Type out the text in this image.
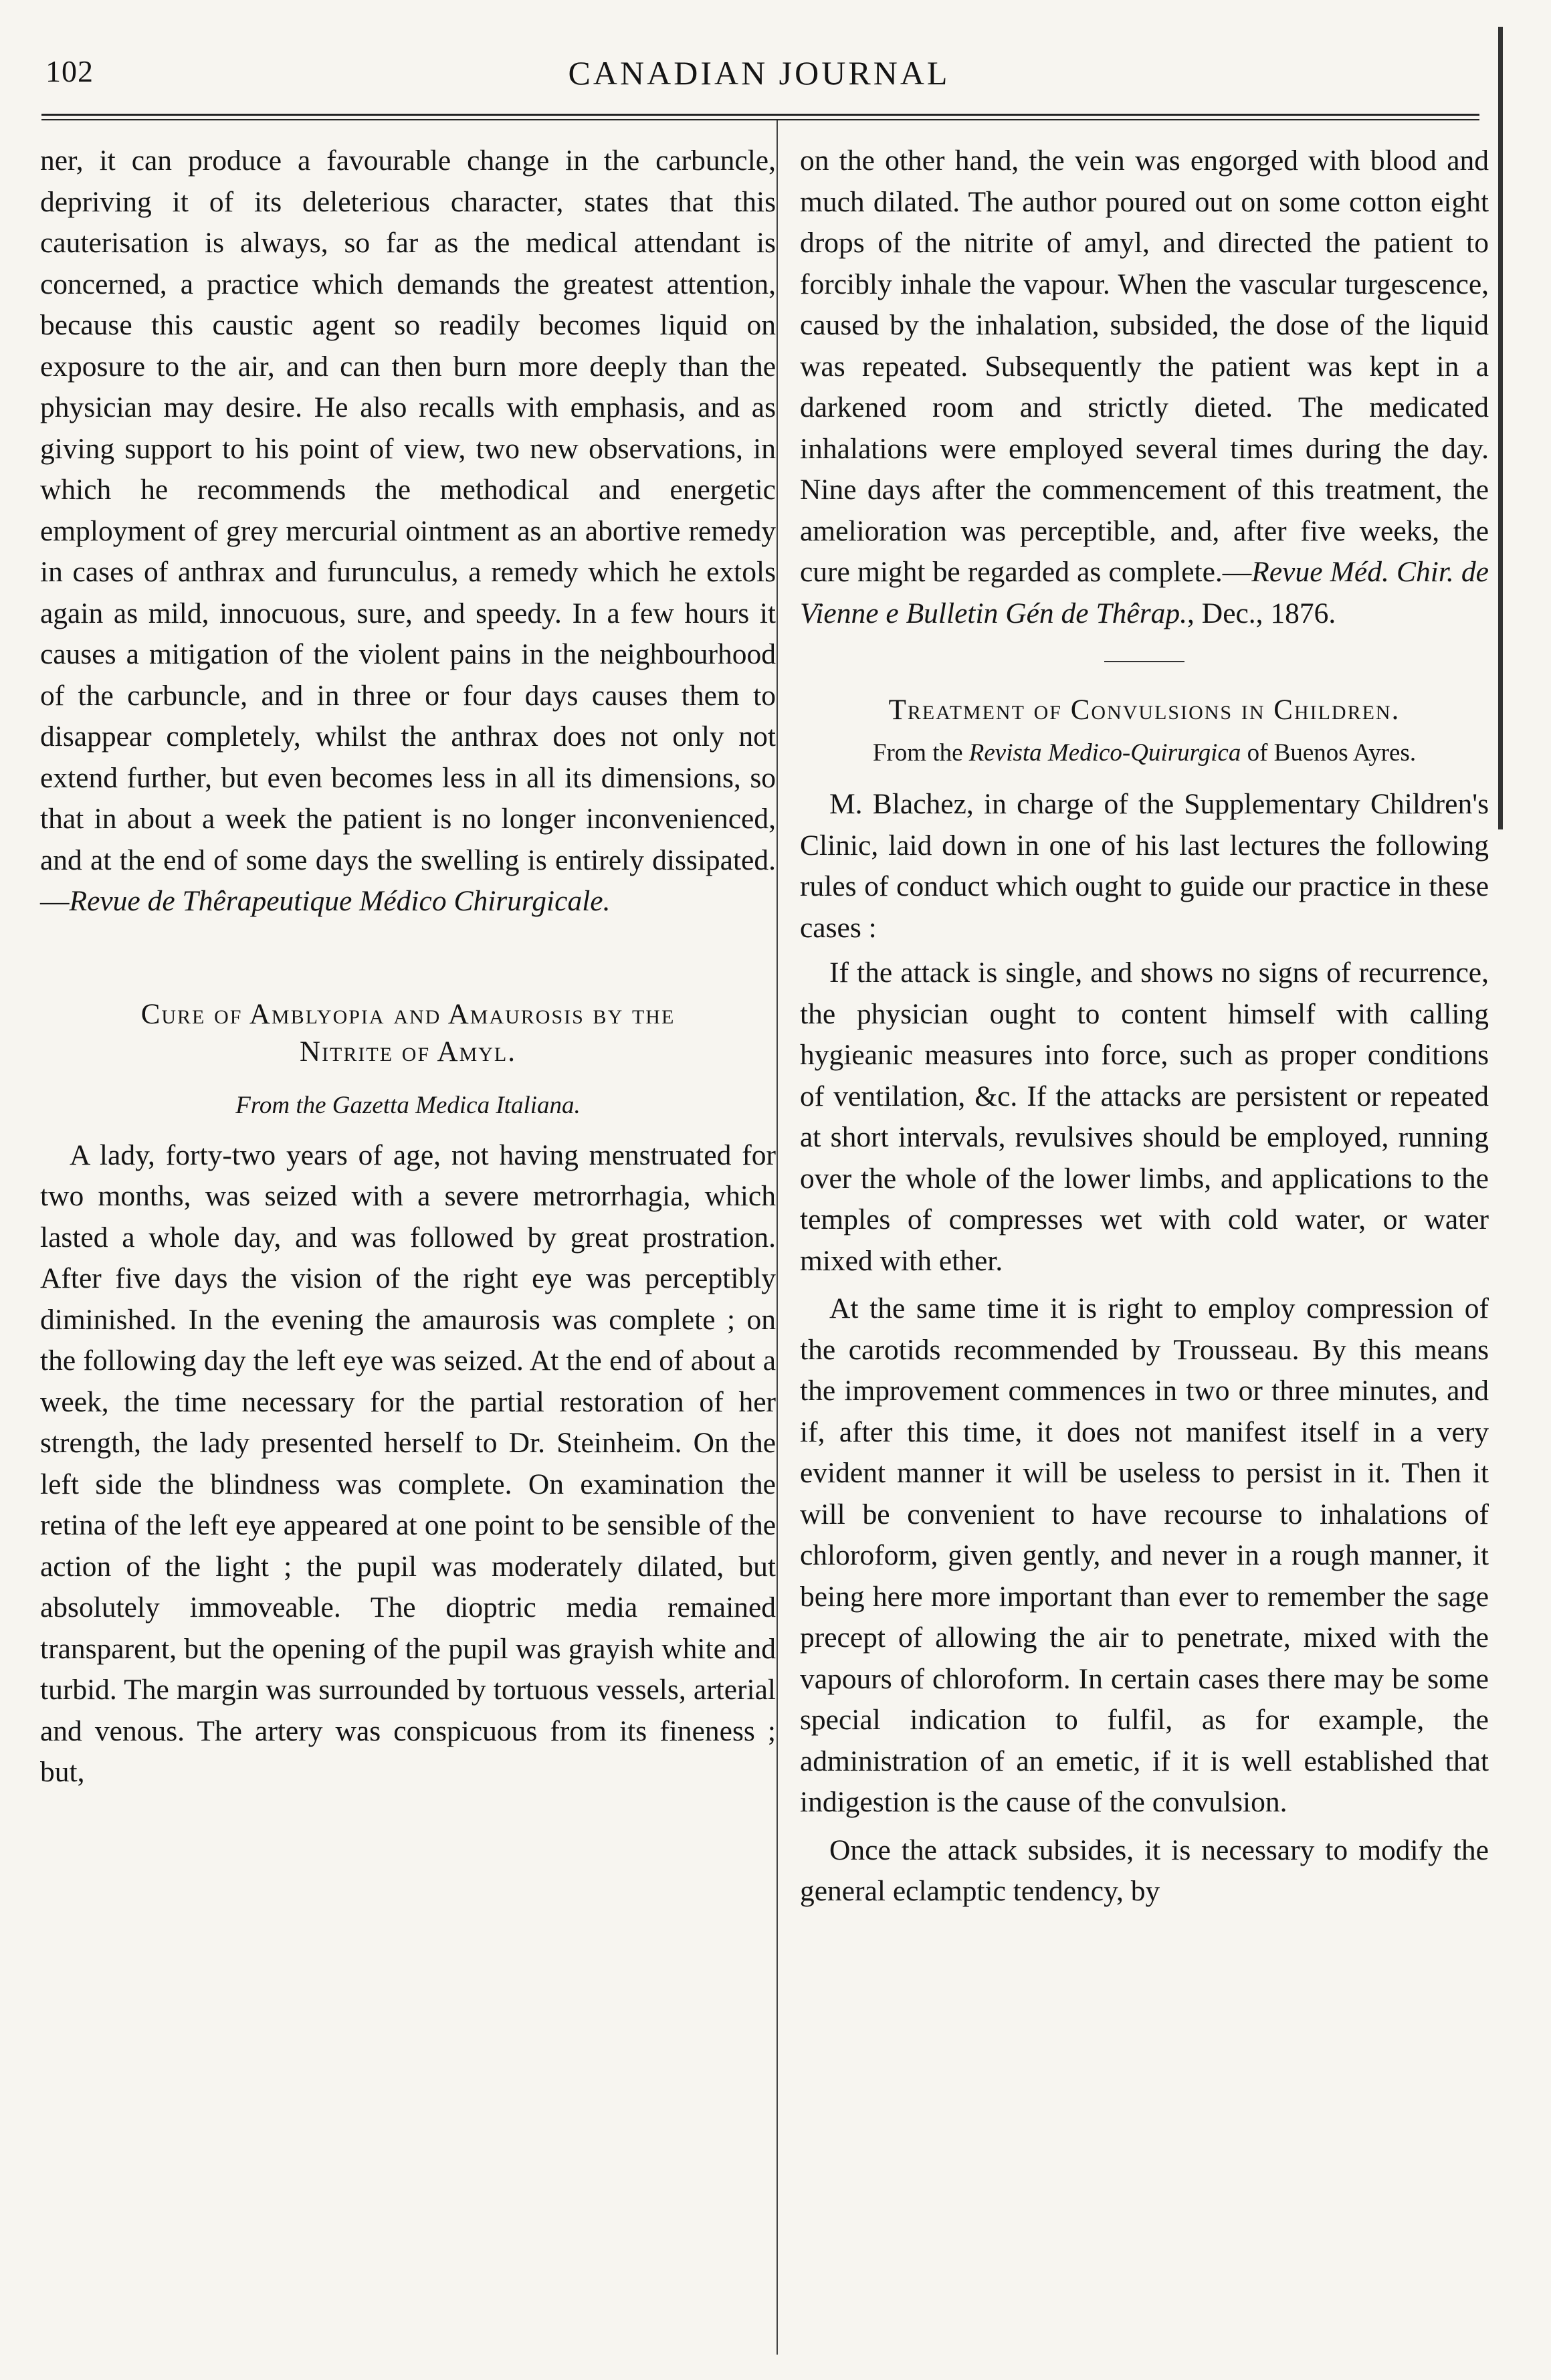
102	CANADIAN JOURNAL

ner, it can produce a favourable change in the carbuncle, depriving it of its deleterious character, states that this cauterisation is always, so far as the medical attendant is concerned, a practice which demands the greatest attention, because this caustic agent so readily becomes liquid on exposure to the air, and can then burn more deeply than the physician may desire. He also recalls with emphasis, and as giving support to his point of view, two new observations, in which he recommends the methodical and energetic employment of grey mercurial ointment as an abortive remedy in cases of anthrax and furunculus, a remedy which he extols again as mild, innocuous, sure, and speedy. In a few hours it causes a mitigation of the violent pains in the neighbourhood of the carbuncle, and in three or four days causes them to disappear completely, whilst the anthrax does not only not extend further, but even becomes less in all its dimensions, so that in about a week the patient is no longer inconvenienced, and at the end of some days the swelling is entirely dissipated.—Revue de Thêrapeutique Médico Chirurgicale.

Cure of Amblyopia and Amaurosis by the

Nitrite of Amyl.

From the Gazetta Medica Italiana.

A lady, forty-two years of age, not having menstruated for two months, was seized with a severe metrorrhagia, which lasted a whole day, and was followed by great prostration. After five days the vision of the right eye was perceptibly diminished. In the evening the amaurosis was complete ; on the following day the left eye was seized. At the end of about a week, the time necessary for the partial restoration of her strength, the lady presented herself to Dr. Steinheim. On the left side the blindness was complete. On examination the retina of the left eye appeared at one point to be sensible of the action of the light ; the pupil was moderately dilated, but absolutely immoveable. The dioptric media remained transparent, but the opening of the pupil was grayish white and turbid. The margin was surrounded by tortuous vessels, arterial and venous. The artery was conspicuous from its fineness ; but,

on the other hand, the vein was engorged with blood and much dilated. The author poured out on some cotton eight drops of the nitrite of amyl, and directed the patient to forcibly inhale the vapour. When the vascular turgescence, caused by the inhalation, subsided, the dose of the liquid was repeated. Subsequently the patient was kept in a darkened room and strictly dieted. The medicated inhalations were employed several times during the day. Nine days after the commencement of this treatment, the amelioration was perceptible, and, after five weeks, the cure might be regarded as complete.—Revue Méd. Chir. de Vienne e Bulletin Gén de Thêrap., Dec., 1876.

Treatment of Convulsions in Children.

From the Revista Medico-Quirurgica of Buenos Ayres.

M. Blachez, in charge of the Supplementary Children's Clinic, laid down in one of his last lectures the following rules of conduct which ought to guide our practice in these cases :

If the attack is single, and shows no signs of recurrence, the physician ought to content himself with calling hygieanic measures into force, such as proper conditions of ventilation, &c. If the attacks are persistent or repeated at short intervals, revulsives should be employed, running over the whole of the lower limbs, and applications to the temples of compresses wet with cold water, or water mixed with ether.

At the same time it is right to employ compression of the carotids recommended by Trousseau. By this means the improvement commences in two or three minutes, and if, after this time, it does not manifest itself in a very evident manner it will be useless to persist in it. Then it will be convenient to have recourse to inhalations of chloroform, given gently, and never in a rough manner, it being here more important than ever to remember the sage precept of allowing the air to penetrate, mixed with the vapours of chloroform. In certain cases there may be some special indication to fulfil, as for example, the administration of an emetic, if it is well established that indigestion is the cause of the convulsion.

Once the attack subsides, it is necessary to modify the general eclamptic tendency, by
